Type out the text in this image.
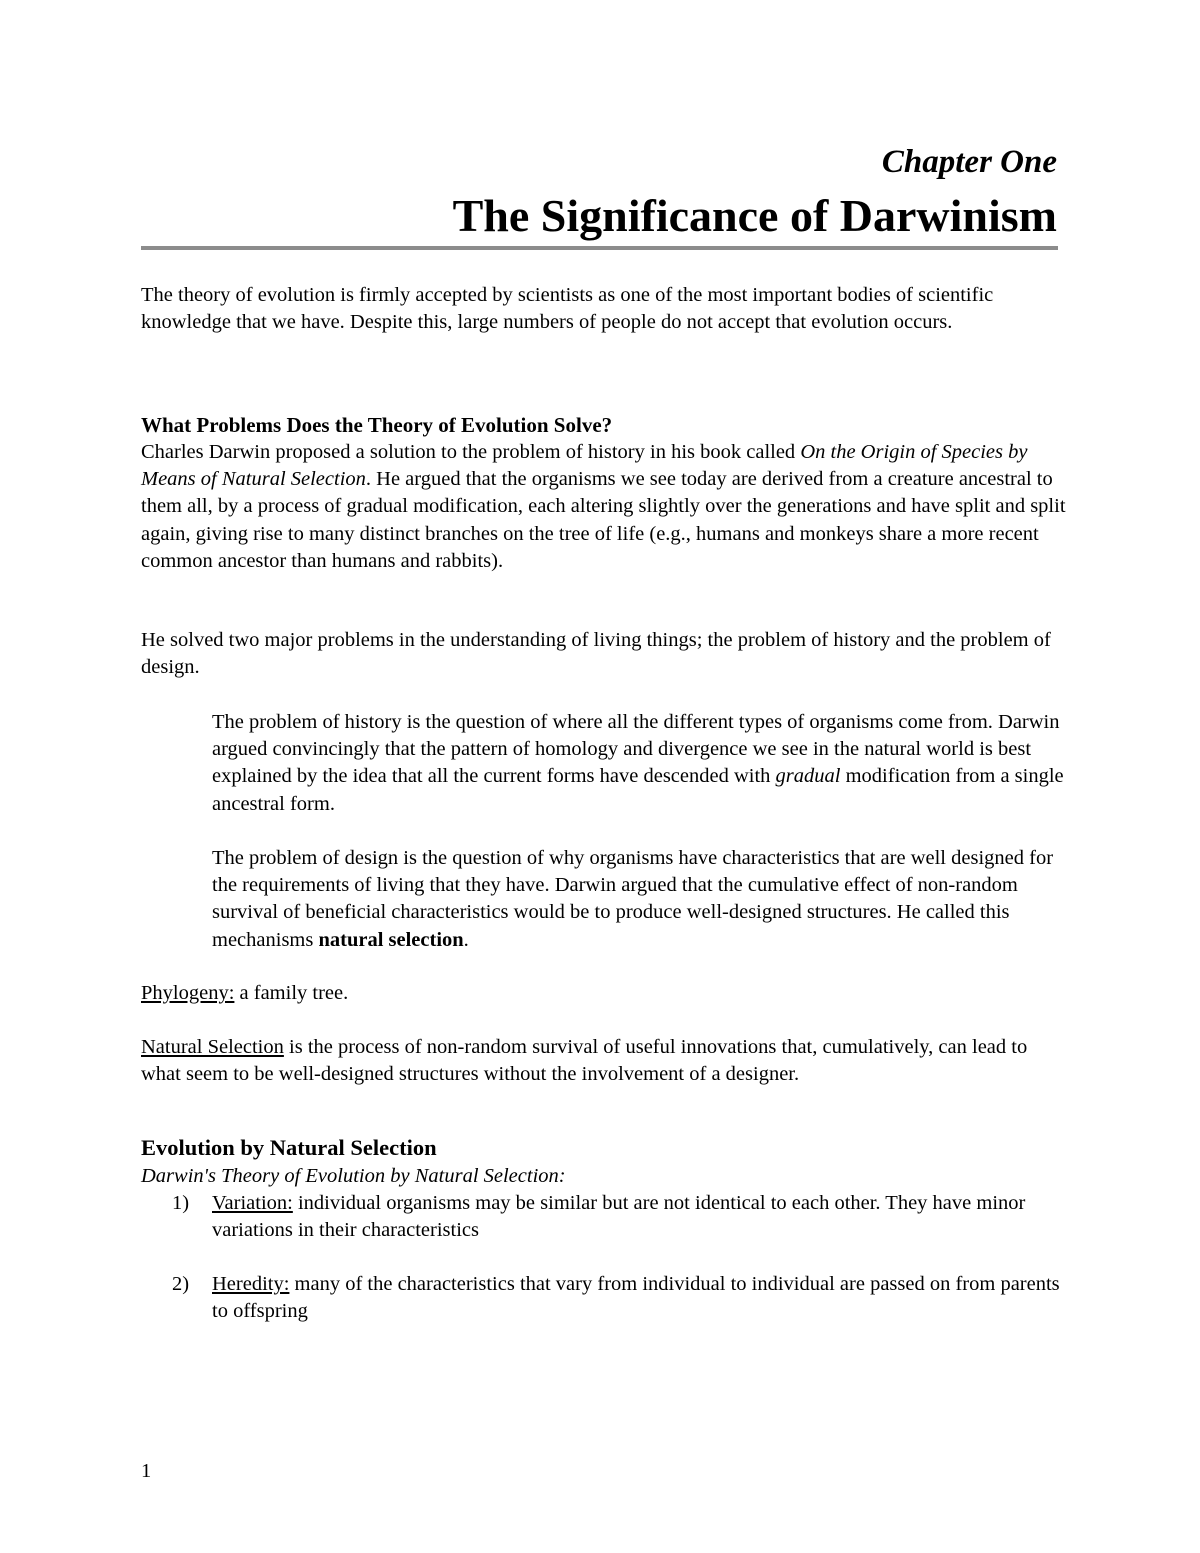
Chapter One
The Significance of Darwinism

The theory of evolution is firmly accepted by scientists as one of the most important bodies of scientific knowledge that we have. Despite this, large numbers of people do not accept that evolution occurs.

What Problems Does the Theory of Evolution Solve?

Charles Darwin proposed a solution to the problem of history in his book called On the Origin of Species by Means of Natural Selection. He argued that the organisms we see today are derived from a creature ancestral to them all, by a process of gradual modification, each altering slightly over the generations and have split and split again, giving rise to many distinct branches on the tree of life (e.g., humans and monkeys share a more recent common ancestor than humans and rabbits).

He solved two major problems in the understanding of living things; the problem of history and the problem of design.

The problem of history is the question of where all the different types of organisms come from. Darwin argued convincingly that the pattern of homology and divergence we see in the natural world is best explained by the idea that all the current forms have descended with gradual modification from a single ancestral form.

The problem of design is the question of why organisms have characteristics that are well designed for the requirements of living that they have. Darwin argued that the cumulative effect of non-random survival of beneficial characteristics would be to produce well-designed structures. He called this mechanisms natural selection.

Phylogeny: a family tree.

Natural Selection is the process of non-random survival of useful innovations that, cumulatively, can lead to what seem to be well-designed structures without the involvement of a designer.

Evolution by Natural Selection

Darwin's Theory of Evolution by Natural Selection:

1) Variation: individual organisms may be similar but are not identical to each other. They have minor variations in their characteristics
2) Heredity: many of the characteristics that vary from individual to individual are passed on from parents to offspring
1
